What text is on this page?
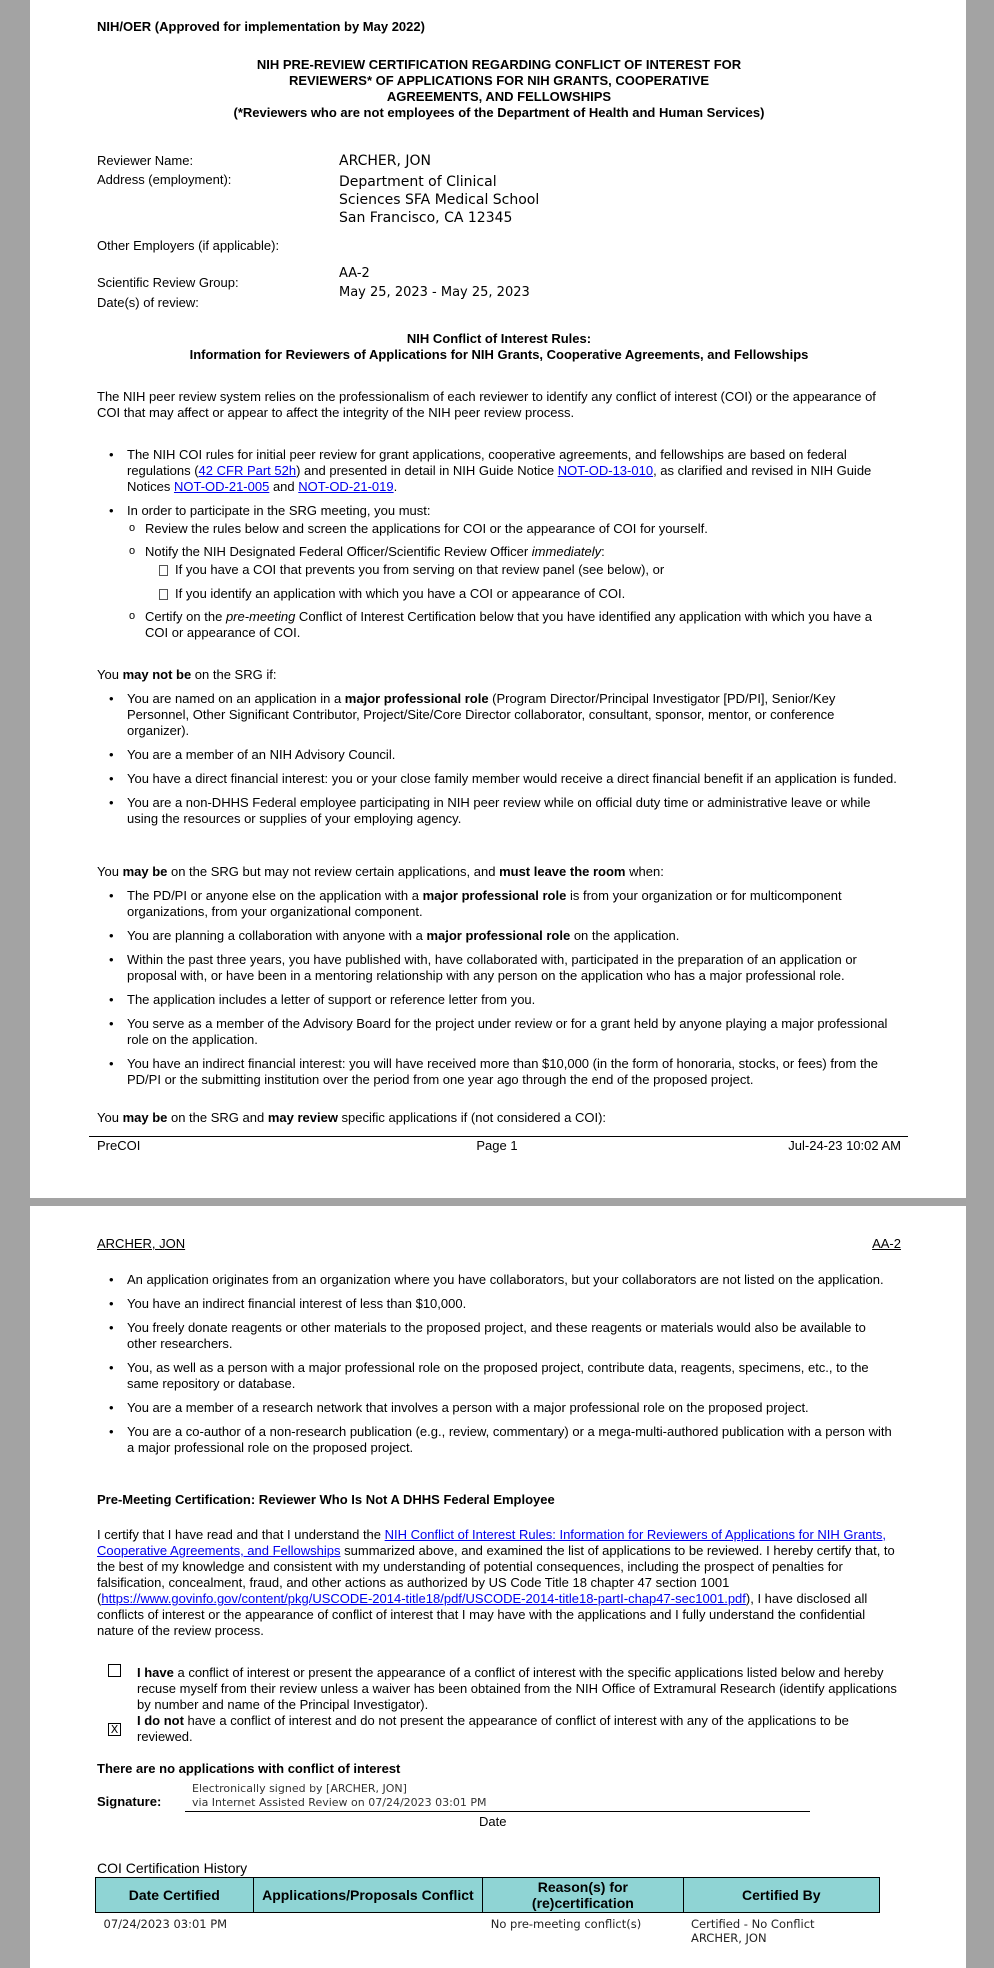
NIH/OER (Approved for implementation by May 2022)

NIH PRE-REVIEW CERTIFICATION REGARDING CONFLICT OF INTEREST FOR
REVIEWERS* OF APPLICATIONS FOR NIH GRANTS, COOPERATIVE
AGREEMENTS, AND FELLOWSHIPS
(*Reviewers who are not employees of the Department of Health and Human Services)

Reviewer Name:	ARCHER, JON

Address (employment):	Department of Clinical
Sciences SFA Medical School
San Francisco, CA 12345

Other Employers (if applicable):

Scientific Review Group:

AA-2

Date(s) of review:

May 25, 2023 - May 25, 2023

NIH Conflict of Interest Rules:
Information for Reviewers of Applications for NIH Grants, Cooperative Agreements, and Fellowships

The NIH peer review system relies on the professionalism of each reviewer to identify any conflict of interest (COI) or the appearance of COI that may affect or appear to affect the integrity of the NIH peer review process.

• The NIH COI rules for initial peer review for grant applications, cooperative agreements, and fellowships are based on federal regulations (42 CFR Part 52h) and presented in detail in NIH Guide Notice NOT-OD-13-010, as clarified and revised in NIH Guide Notices NOT-OD-21-005 and NOT-OD-21-019.
• In order to participate in the SRG meeting, you must:
o Review the rules below and screen the applications for COI or the appearance of COI for yourself.
o Notify the NIH Designated Federal Officer/Scientific Review Officer immediately:
If you have a COI that prevents you from serving on that review panel (see below), or
If you identify an application with which you have a COI or appearance of COI.
o Certify on the pre-meeting Conflict of Interest Certification below that you have identified any application with which you have a COI or appearance of COI.

You may not be on the SRG if:

• You are named on an application in a major professional role (Program Director/Principal Investigator [PD/PI], Senior/Key Personnel, Other Significant Contributor, Project/Site/Core Director collaborator, consultant, sponsor, mentor, or conference organizer).
• You are a member of an NIH Advisory Council.
• You have a direct financial interest: you or your close family member would receive a direct financial benefit if an application is funded.
• You are a non-DHHS Federal employee participating in NIH peer review while on official duty time or administrative leave or while using the resources or supplies of your employing agency.

You may be on the SRG but may not review certain applications, and must leave the room when:

• The PD/PI or anyone else on the application with a major professional role is from your organization or for multicomponent organizations, from your organizational component.
• You are planning a collaboration with anyone with a major professional role on the application.
• Within the past three years, you have published with, have collaborated with, participated in the preparation of an application or proposal with, or have been in a mentoring relationship with any person on the application who has a major professional role.
• The application includes a letter of support or reference letter from you.
• You serve as a member of the Advisory Board for the project under review or for a grant held by anyone playing a major professional role on the application.
• You have an indirect financial interest: you will have received more than $10,000 (in the form of honoraria, stocks, or fees) from the PD/PI or the submitting institution over the period from one year ago through the end of the proposed project.

You may be on the SRG and may review specific applications if (not considered a COI):

PreCOI	Page 1	Jul-24-23 10:02 AM

ARCHER, JON	AA-2

• An application originates from an organization where you have collaborators, but your collaborators are not listed on the application.
• You have an indirect financial interest of less than $10,000.
• You freely donate reagents or other materials to the proposed project, and these reagents or materials would also be available to other researchers.
• You, as well as a person with a major professional role on the proposed project, contribute data, reagents, specimens, etc., to the same repository or database.
• You are a member of a research network that involves a person with a major professional role on the proposed project.
• You are a co-author of a non-research publication (e.g., review, commentary) or a mega-multi-authored publication with a person with a major professional role on the proposed project.

Pre-Meeting Certification: Reviewer Who Is Not A DHHS Federal Employee

I certify that I have read and that I understand the NIH Conflict of Interest Rules: Information for Reviewers of Applications for NIH Grants, Cooperative Agreements, and Fellowships summarized above, and examined the list of applications to be reviewed. I hereby certify that, to the best of my knowledge and consistent with my understanding of potential consequences, including the prospect of penalties for falsification, concealment, fraud, and other actions as authorized by US Code Title 18 chapter 47 section 1001 (https://www.govinfo.gov/content/pkg/USCODE-2014-title18/pdf/USCODE-2014-title18-partI-chap47-sec1001.pdf), I have disclosed all conflicts of interest or the appearance of conflict of interest that I may have with the applications and I fully understand the confidential nature of the review process.

I have a conflict of interest or present the appearance of a conflict of interest with the specific applications listed below and hereby recuse myself from their review unless a waiver has been obtained from the NIH Office of Extramural Research (identify applications by number and name of the Principal Investigator).

X

I do not have a conflict of interest and do not present the appearance of conflict of interest with any of the applications to be reviewed.

There are no applications with conflict of interest

Signature:

Electronically signed by [ARCHER, JON]
via Internet Assisted Review on 07/24/2023 03:01 PM

Date

COI Certification History

Date Certified	Applications/Proposals Conflict	Reason(s) for (re)certification	Certified By
07/24/2023 03:01 PM		No pre-meeting conflict(s)	Certified - No Conflict
ARCHER, JON
